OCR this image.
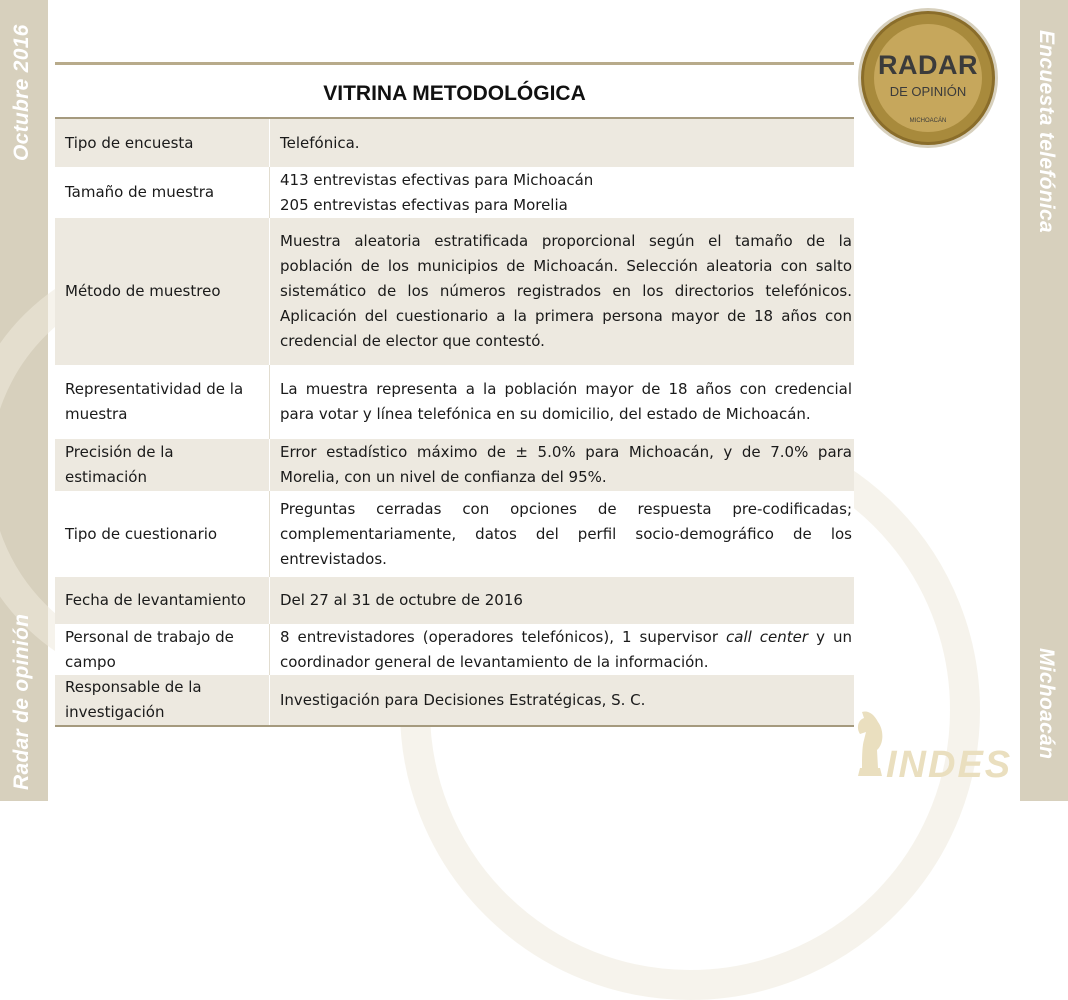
Octubre 2016
Radar de opinión
Encuesta telefónica
Michoacán
RADAR
DE OPINIÓN
MICHOACÁN
VITRINA METODOLÓGICA
Tipo de encuesta	Telefónica.
Tamaño de muestra	413 entrevistas efectivas para Michoacán
205 entrevistas efectivas para Morelia

Método de muestreo	Muestra aleatoria estratificada proporcional según el tamaño de la población de los municipios de Michoacán. Selección aleatoria con salto sistemático de los números registrados en los directorios telefónicos. Aplicación del cuestionario a la primera persona mayor de 18 años con credencial de elector que contestó.
Representatividad de la muestra	La muestra representa a la población mayor de 18 años con credencial para votar y línea telefónica en su domicilio, del estado de Michoacán.
Precisión de la estimación	Error estadístico máximo de ± 5.0% para Michoacán, y de 7.0% para Morelia, con un nivel de confianza del 95%.
Tipo de cuestionario	Preguntas cerradas con opciones de respuesta pre-codificadas; complementariamente, datos del perfil socio-demográfico de los entrevistados.
Fecha de levantamiento	Del 27 al 31 de octubre de 2016
Personal de trabajo de campo	8 entrevistadores (operadores telefónicos), 1 supervisor call center y un coordinador general de levantamiento de la información.
Responsable de la investigación	Investigación para Decisiones Estratégicas, S. C.
INDES
